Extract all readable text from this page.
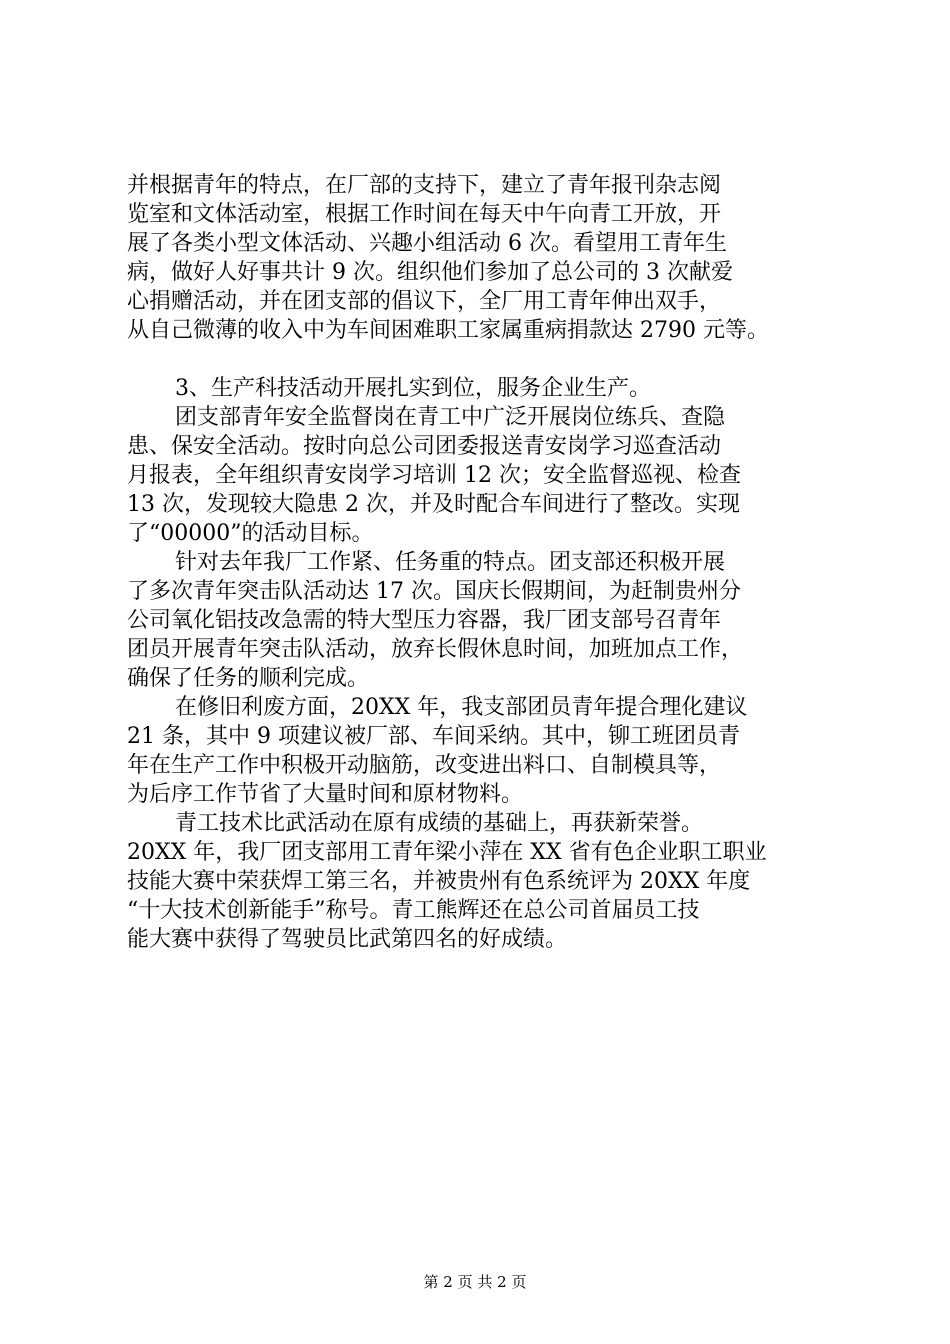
并根据青年的特点，在厂部的支持下，建立了青年报刊杂志阅
览室和文体活动室，根据工作时间在每天中午向青工开放，开
展了各类小型文体活动、兴趣小组活动 6 次。看望用工青年生
病，做好人好事共计 9 次。组织他们参加了总公司的 3 次献爱
心捐赠活动，并在团支部的倡议下，全厂用工青年伸出双手，
从自己微薄的收入中为车间困难职工家属重病捐款达 2790 元等。
3、生产科技活动开展扎实到位，服务企业生产。
团支部青年安全监督岗在青工中广泛开展岗位练兵、查隐
患、保安全活动。按时向总公司团委报送青安岗学习巡查活动
月报表，全年组织青安岗学习培训 12 次；安全监督巡视、检查
13 次，发现较大隐患 2 次，并及时配合车间进行了整改。实现
了“00000”的活动目标。
针对去年我厂工作紧、任务重的特点。团支部还积极开展
了多次青年突击队活动达 17 次。国庆长假期间，为赶制贵州分
公司氧化铝技改急需的特大型压力容器，我厂团支部号召青年
团员开展青年突击队活动，放弃长假休息时间，加班加点工作，
确保了任务的顺利完成。
在修旧利废方面，20XX 年，我支部团员青年提合理化建议
21 条，其中 9 项建议被厂部、车间采纳。其中，铆工班团员青
年在生产工作中积极开动脑筋，改变进出料口、自制模具等，
为后序工作节省了大量时间和原材物料。
青工技术比武活动在原有成绩的基础上，再获新荣誉。
20XX 年，我厂团支部用工青年梁小萍在 XX 省有色企业职工职业
技能大赛中荣获焊工第三名，并被贵州有色系统评为 20XX 年度
“十大技术创新能手”称号。青工熊辉还在总公司首届员工技
能大赛中获得了驾驶员比武第四名的好成绩。
第 2 页 共 2 页
